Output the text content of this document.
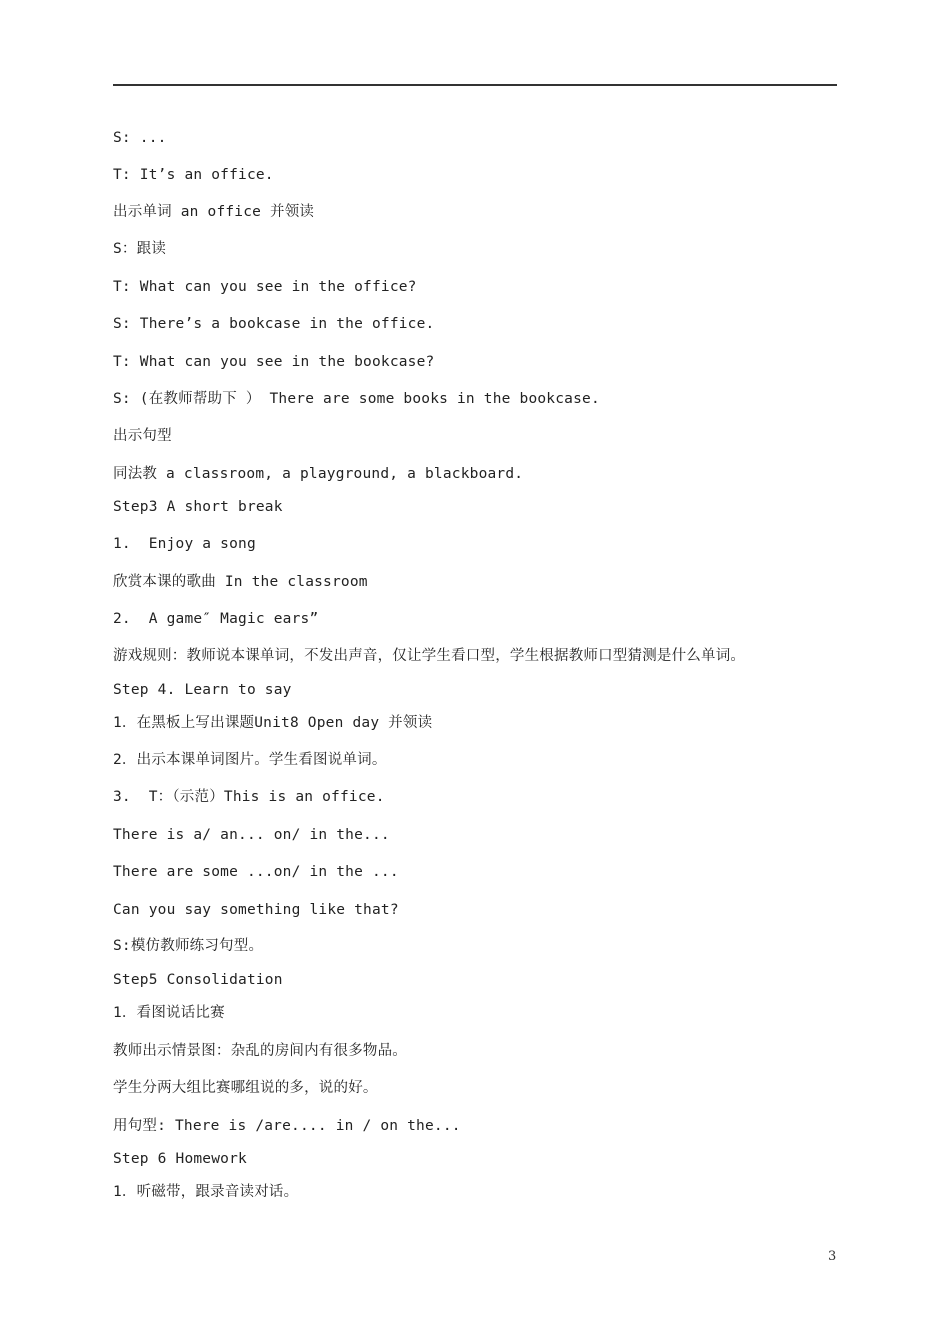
S: ...
T: It’s an office.
出示单词 an office 并领读
S：跟读
T: What can you see in the office?
S: There’s a bookcase in the office.
T: What can you see in the bookcase?
S: (在教师帮助下 ） There are some books in the bookcase.
出示句型
同法教 a classroom, a playground, a blackboard.
Step3 A short break
1.  Enjoy a song
欣赏本课的歌曲 In the classroom
2.  A game″ Magic ears”
游戏规则：教师说本课单词，不发出声音，仅让学生看口型，学生根据教师口型猜测是什么单词。
Step 4. Learn to say
1．在黑板上写出课题Unit8 Open day 并领读
2．出示本课单词图片。学生看图说单词。
3.  T：（示范）This is an office.
There is a/ an... on/ in the...
There are some ...on/ in the ...
Can you say something like that?
S:模仿教师练习句型。
Step5 Consolidation
1．看图说话比赛
教师出示情景图：杂乱的房间内有很多物品。
学生分两大组比赛哪组说的多，说的好。
用句型: There is /are.... in / on the...
Step 6 Homework
1．听磁带，跟录音读对话。
3
